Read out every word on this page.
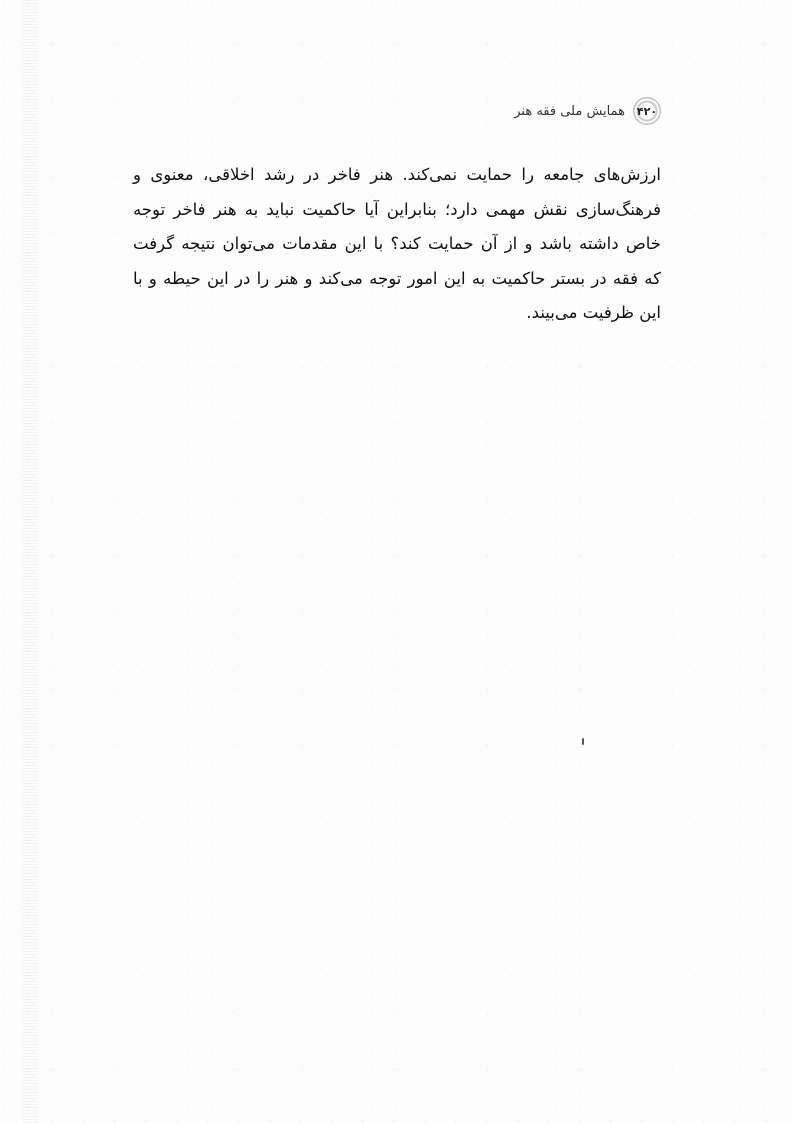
۴۲۰
همایش ملی فقه هنر
ارزش‌های جامعه را حمایت نمی‌کند. هنر فاخر در رشد اخلاقی، معنوی و
فرهنگ‌سازی نقش مهمی دارد؛ بنابراین آیا حاکمیت نباید به هنر فاخر توجه
خاص داشته باشد و از آن حمایت کند؟ با این مقدمات می‌توان نتیجه گرفت
که فقه در بستر حاکمیت به این امور توجه می‌کند و هنر را در این حیطه و با
این ظرفیت می‌بیند.
